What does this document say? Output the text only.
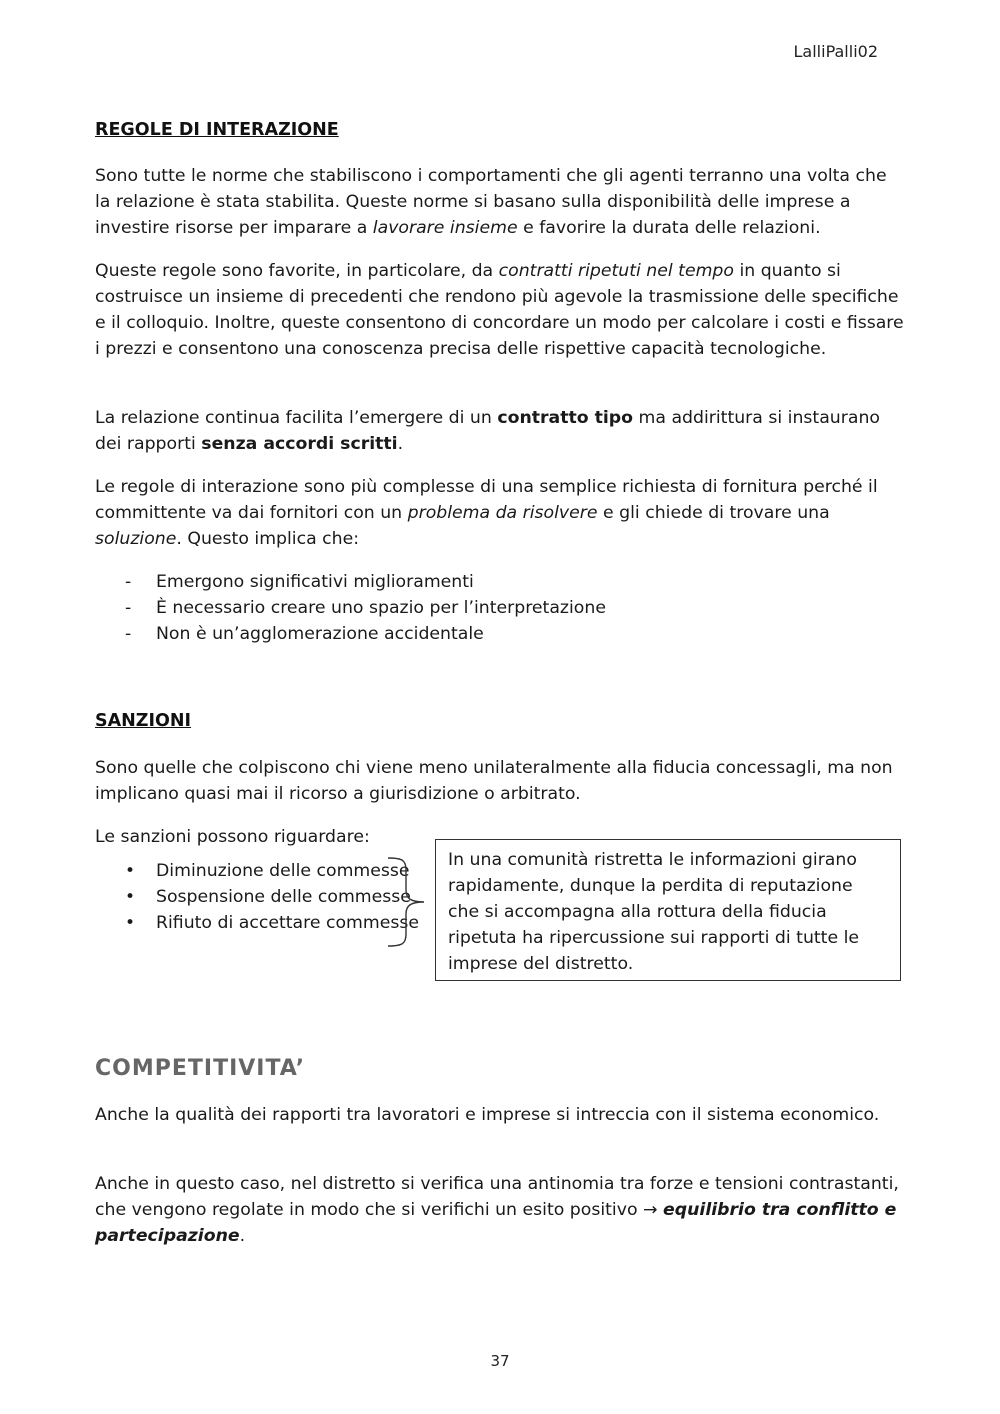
LalliPalli02
REGOLE DI INTERAZIONE

Sono tutte le norme che stabiliscono i comportamenti che gli agenti terranno una volta che la relazione è stata stabilita. Queste norme si basano sulla disponibilità delle imprese a investire risorse per imparare a lavorare insieme e favorire la durata delle relazioni.

Queste regole sono favorite, in particolare, da contratti ripetuti nel tempo in quanto si costruisce un insieme di precedenti che rendono più agevole la trasmissione delle specifiche e il colloquio. Inoltre, queste consentono di concordare un modo per calcolare i costi e fissare i prezzi e consentono una conoscenza precisa delle rispettive capacità tecnologiche.

La relazione continua facilita l’emergere di un contratto tipo ma addirittura si instaurano dei rapporti senza accordi scritti.

Le regole di interazione sono più complesse di una semplice richiesta di fornitura perché il committente va dai fornitori con un problema da risolvere e gli chiede di trovare una soluzione. Questo implica che:

- Emergono significativi miglioramenti
- È necessario creare uno spazio per l’interpretazione
- Non è un’agglomerazione accidentale
SANZIONI

Sono quelle che colpiscono chi viene meno unilateralmente alla fiducia concessagli, ma non implicano quasi mai il ricorso a giurisdizione o arbitrato.

Le sanzioni possono riguardare:

• Diminuzione delle commesse
• Sospensione delle commesse
• Rifiuto di accettare commesse
In una comunità ristretta le informazioni girano rapidamente, dunque la perdita di reputazione che si accompagna alla rottura della fiducia ripetuta ha ripercussione sui rapporti di tutte le imprese del distretto.
COMPETITIVITA’

Anche la qualità dei rapporti tra lavoratori e imprese si intreccia con il sistema economico.

Anche in questo caso, nel distretto si verifica una antinomia tra forze e tensioni contrastanti, che vengono regolate in modo che si verifichi un esito positivo → equilibrio tra conflitto e partecipazione.

37
